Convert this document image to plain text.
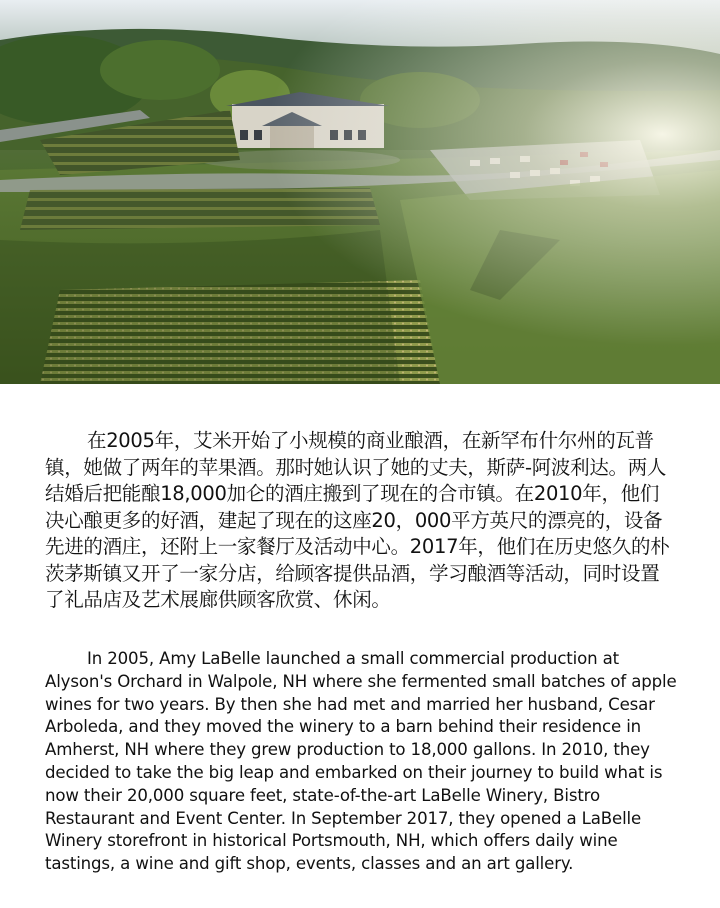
在2005年，艾米开始了小规模的商业酿酒，在新罕布什尔州的瓦普镇，她做了两年的苹果酒。那时她认识了她的丈夫，斯萨-阿波利达。两人结婚后把能酿18,000加仑的酒庄搬到了现在的合市镇。在2010年，他们决心酿更多的好酒，建起了现在的这座20，000平方英尺的漂亮的，设备先进的酒庄，还附上一家餐厅及活动中心。2017年，他们在历史悠久的朴茨茅斯镇又开了一家分店，给顾客提供品酒，学习酿酒等活动，同时设置了礼品店及艺术展廊供顾客欣赏、休闲。

In 2005, Amy LaBelle launched a small commercial production at Alyson's Orchard in Walpole, NH where she fermented small batches of apple wines for two years. By then she had met and married her husband, Cesar Arboleda, and they moved the winery to a barn behind their residence in Amherst, NH where they grew production to 18,000 gallons. In 2010, they decided to take the big leap and embarked on their journey to build what is now their 20,000 square feet, state-of-the-art LaBelle Winery, Bistro Restaurant and Event Center. In September 2017, they opened a LaBelle Winery storefront in historical Portsmouth, NH, which offers daily wine tastings, a wine and gift shop, events, classes and an art gallery.
